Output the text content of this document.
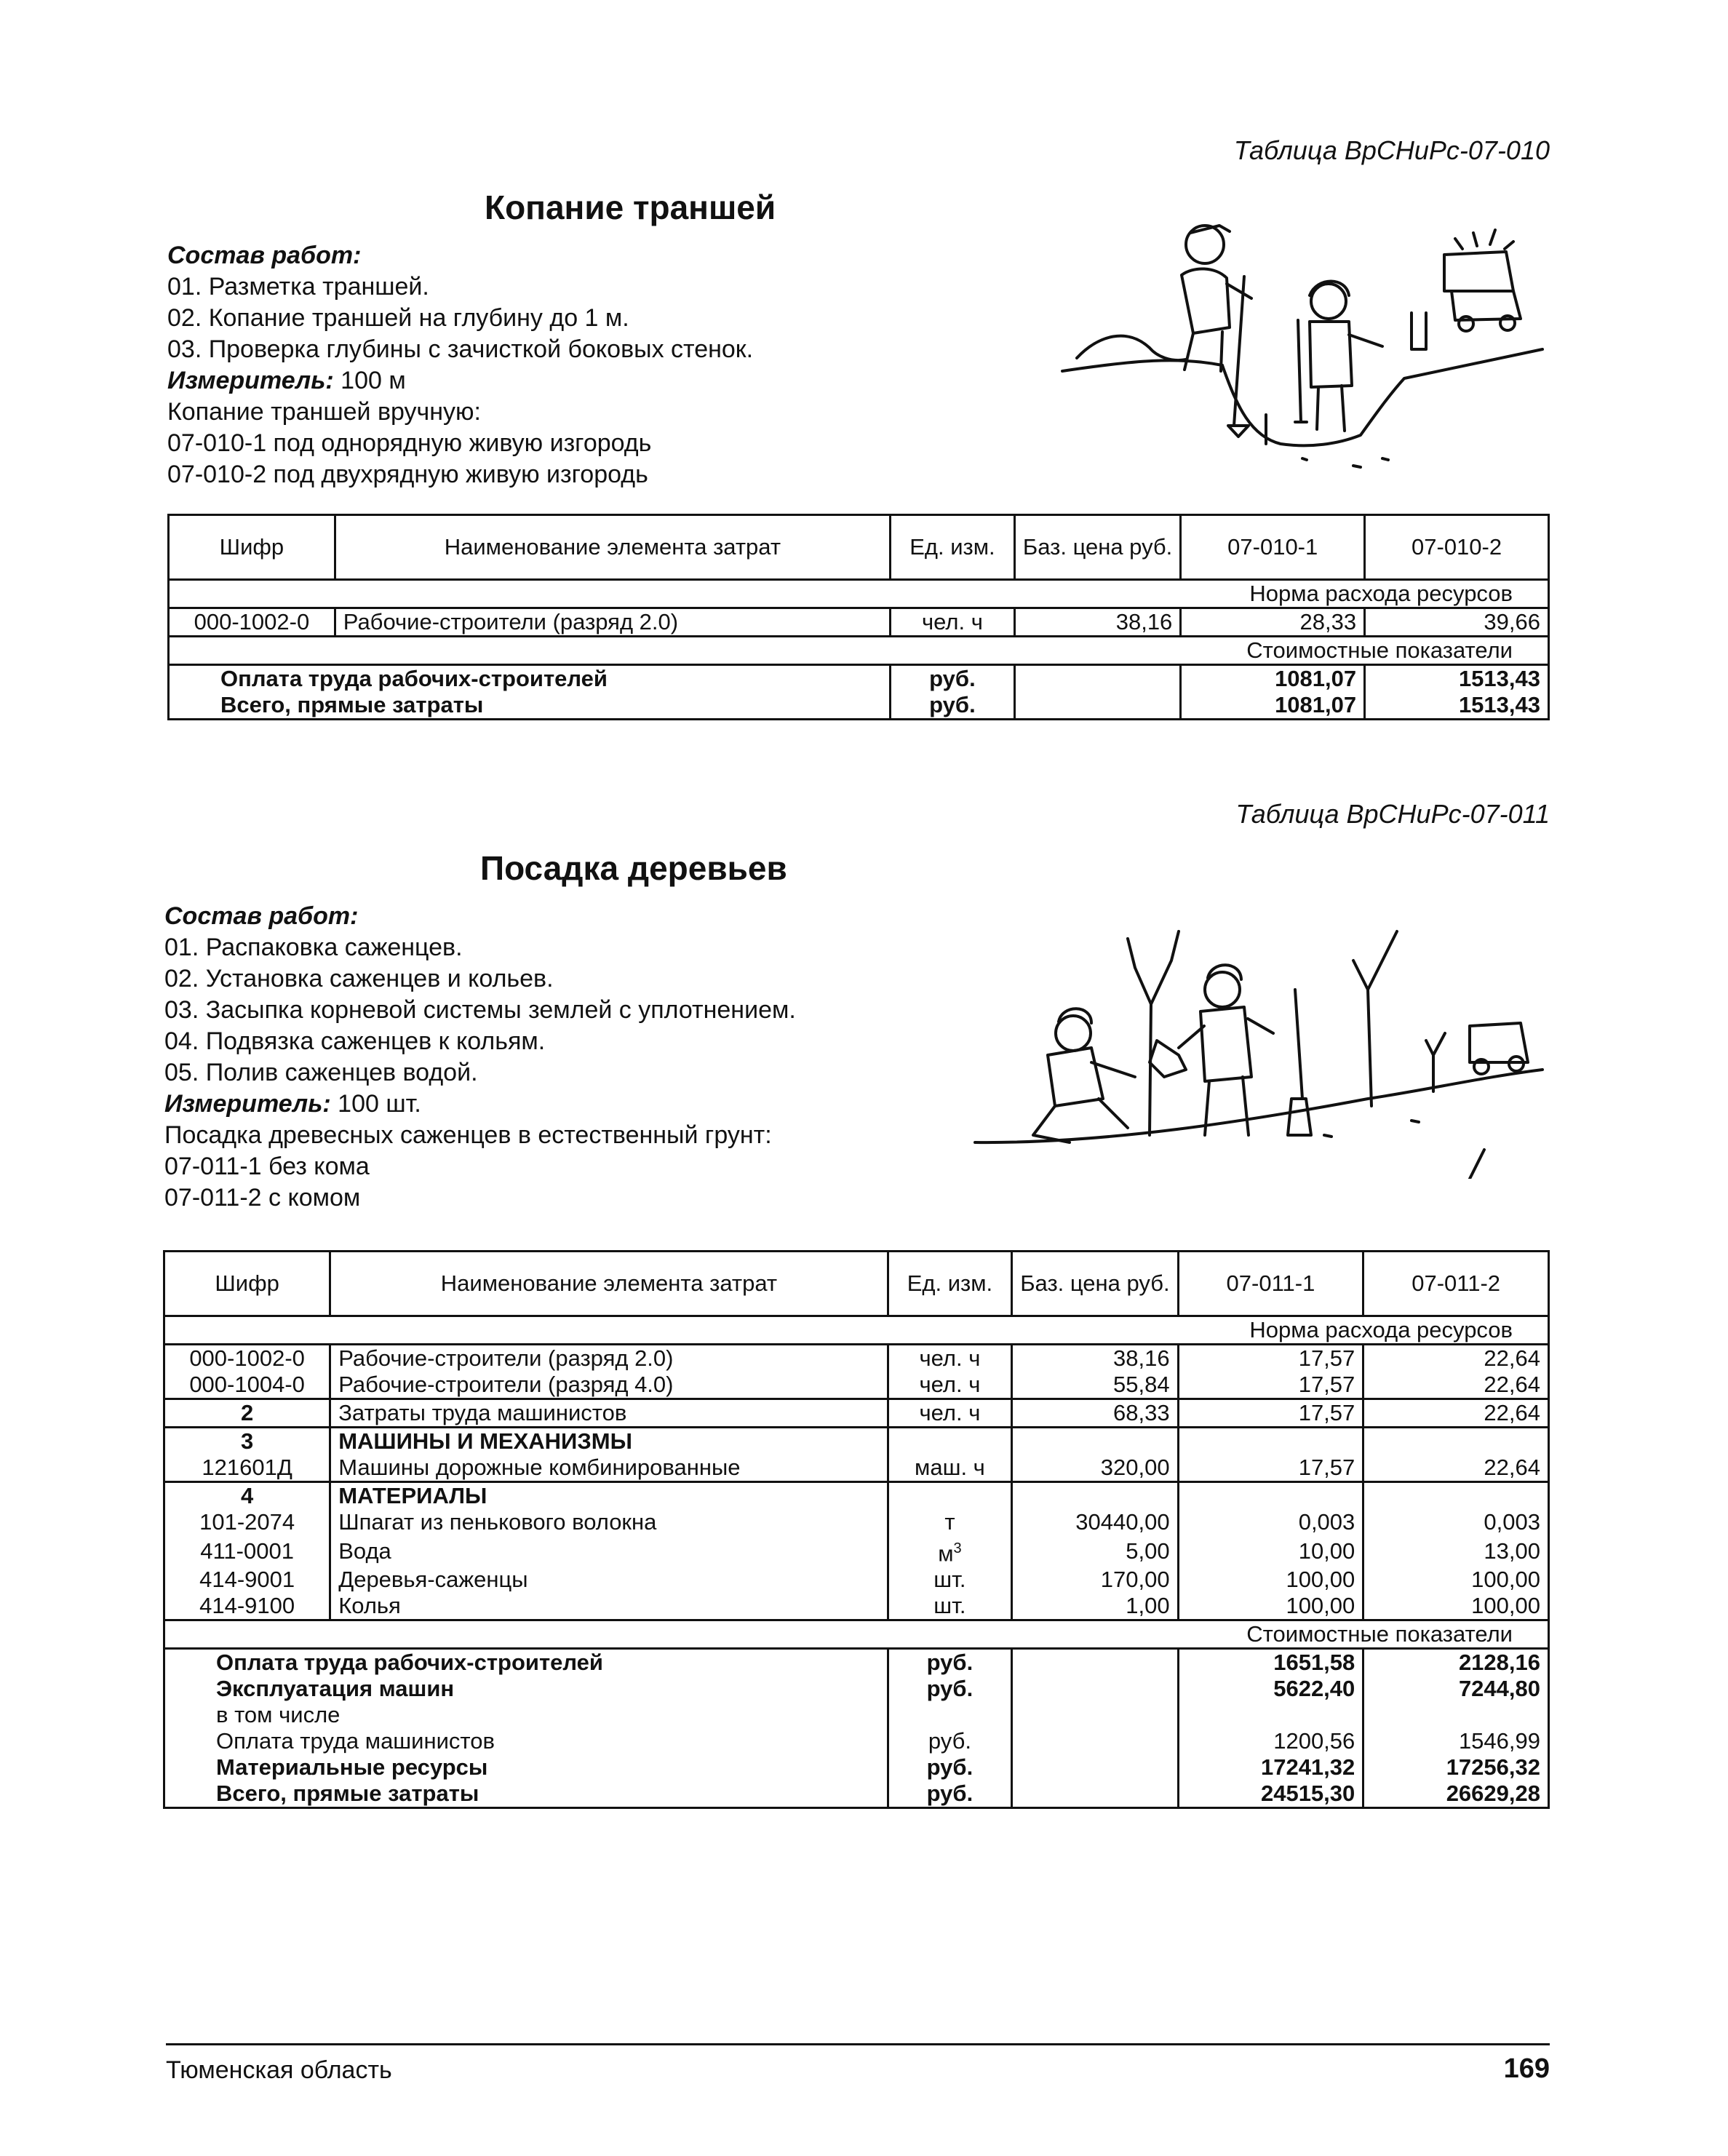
Таблица ВрСНиРс-07-010
Копание траншей
Состав работ:
01. Разметка траншей.
02. Копание траншей на глубину до 1 м.
03. Проверка глубины с зачисткой боковых стенок.
Измеритель: 100 м
Копание траншей вручную:
07-010-1 под однорядную живую изгородь
07-010-2 под двухрядную живую изгородь
Шифр	Наименование элемента затрат	Ед. изм.	Баз. цена руб.	07-010-1	07-010-2
Норма расхода ресурсов					
000-1002-0	Рабочие-строители (разряд 2.0)	чел. ч	38,16	28,33	39,66
Стоимостные показатели					
Оплата труда рабочих-строителей		руб.		1081,07	1513,43
Всего, прямые затраты		руб.		1081,07	1513,43
Таблица ВрСНиРс-07-011
Посадка деревьев
Состав работ:
01. Распаковка саженцев.
02. Установка саженцев и кольев.
03. Засыпка корневой системы землей с уплотнением.
04. Подвязка саженцев к кольям.
05. Полив саженцев водой.
Измеритель: 100 шт.
Посадка древесных саженцев в естественный грунт:
07-011-1 без кома
07-011-2 с комом
Шифр	Наименование элемента затрат	Ед. изм.	Баз. цена руб.	07-011-1	07-011-2
Норма расхода ресурсов					
000-1002-0	Рабочие-строители (разряд 2.0)	чел. ч	38,16	17,57	22,64
000-1004-0	Рабочие-строители (разряд 4.0)	чел. ч	55,84	17,57	22,64
2	Затраты труда машинистов	чел. ч	68,33	17,57	22,64
3	МАШИНЫ И МЕХАНИЗМЫ				
121601Д	Машины дорожные комбинированные	маш. ч	320,00	17,57	22,64
4	МАТЕРИАЛЫ				
101-2074	Шпагат из пенькового волокна	т	30440,00	0,003	0,003
411-0001	Вода	$м^3$	5,00	10,00	13,00
414-9001	Деревья-саженцы	шт.	170,00	100,00	100,00
414-9100	Колья	шт.	1,00	100,00	100,00
Стоимостные показатели					
Оплата труда рабочих-строителей		руб.		1651,58	2128,16
Эксплуатация машин		руб.		5622,40	7244,80
в том числе					
Оплата труда машинистов		руб.		1200,56	1546,99
Материальные ресурсы		руб.		17241,32	17256,32
Всего, прямые затраты		руб.		24515,30	26629,28
Тюменская область	169
